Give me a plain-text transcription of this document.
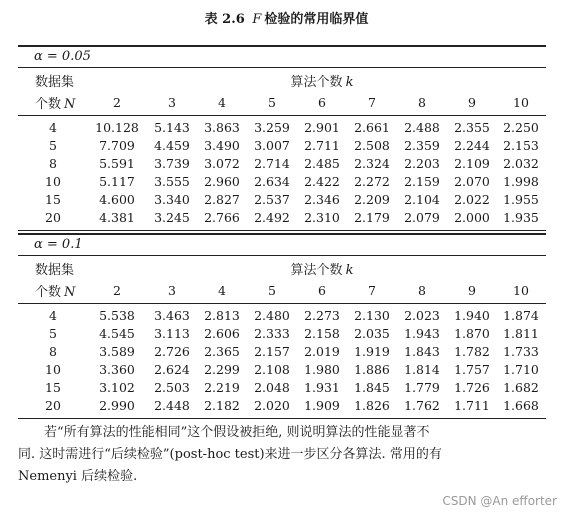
表 2.6 F 检验的常用临界值
α = 0.05
数据集
个数 N
算法个数 k
2	3	4	5	6	7	8	9	10
4	10.128 5.143 3.863 3.259 2.901 2.661 2.488 2.355 2.250
5	7.709 4.459 3.490 3.007 2.711 2.508 2.359 2.244 2.153
8	5.591 3.739 3.072 2.714 2.485 2.324 2.203 2.109 2.032
10	5.117 3.555 2.960 2.634 2.422 2.272 2.159 2.070 1.998
15	4.600 3.340 2.827 2.537 2.346 2.209 2.104 2.022 1.955
20	4.381 3.245 2.766 2.492 2.310 2.179 2.079 2.000 1.935
α = 0.1
数据集
个数 N
算法个数 k
2	3	4	5	6	7	8	9	10
4	5.538 3.463 2.813 2.480 2.273 2.130 2.023 1.940 1.874
5	4.545 3.113 2.606 2.333 2.158 2.035 1.943 1.870 1.811
8	3.589 2.726 2.365 2.157 2.019 1.919 1.843 1.782 1.733
10	3.360 2.624 2.299 2.108 1.980 1.886 1.814 1.757 1.710
15	3.102 2.503 2.219 2.048 1.931 1.845 1.779 1.726 1.682
20	2.990 2.448 2.182 2.020 1.909 1.826 1.762 1.711 1.668

若“所有算法的性能相同”这个假设被拒绝, 则说明算法的性能显著不

同. 这时需进行“后续检验”(post-hoc test)来进一步区分各算法. 常用的有

Nemenyi 后续检验.

CSDN @An efforter
